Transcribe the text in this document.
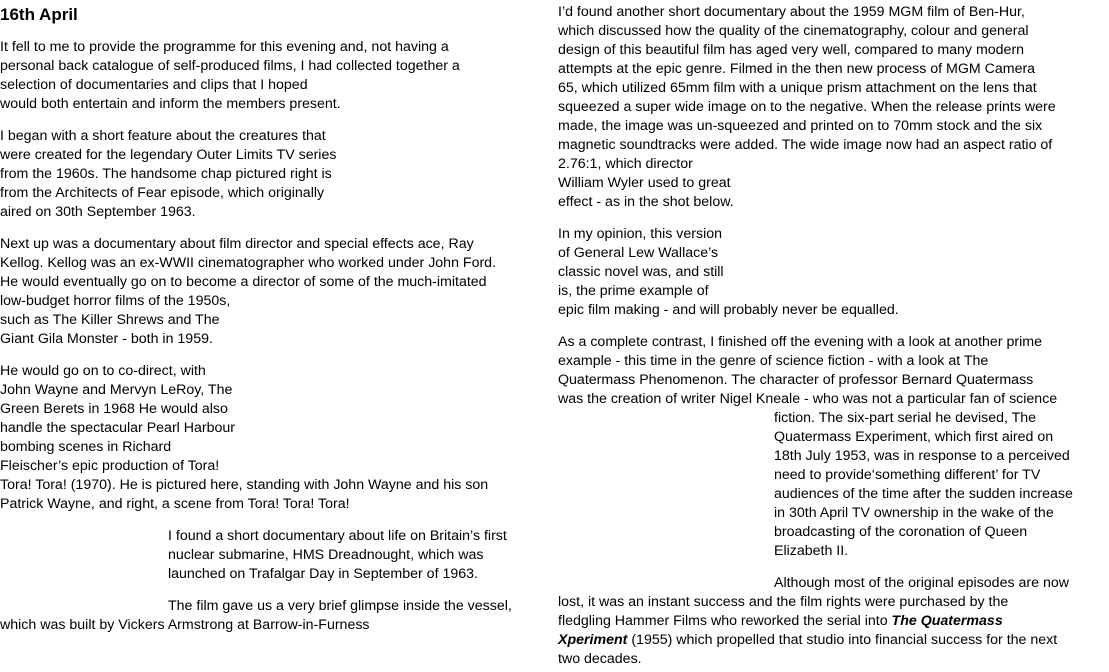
16th April
It fell to me to provide the programme for this evening and, not having a
personal back catalogue of self-produced films, I had collected together a
selection of documentaries and clips that I hoped
would both entertain and inform the members present.
I began with a short feature about the creatures that
were created for the legendary Outer Limits TV series
from the 1960s. The handsome chap pictured right is
from the Architects of Fear episode, which originally
aired on 30th September 1963.
Next up was a documentary about film director and special effects ace, Ray
Kellog. Kellog was an ex-WWII cinematographer who worked under John Ford.
He would eventually go on to become a director of some of the much-imitated
low-budget horror films of the 1950s,
such as The Killer Shrews and The
Giant Gila Monster - both in 1959.
He would go on to co-direct, with
John Wayne and Mervyn LeRoy, The
Green Berets in 1968 He would also
handle the spectacular Pearl Harbour
bombing scenes in Richard
Fleischer’s epic production of Tora!
Tora! Tora! (1970). He is pictured here, standing with John Wayne and his son
Patrick Wayne, and right, a scene from Tora! Tora! Tora!
I found a short documentary about life on Britain’s first
nuclear submarine, HMS Dreadnought, which was
launched on Trafalgar Day in September of 1963.
The film gave us a very brief glimpse inside the vessel,
which was built by Vickers Armstrong at Barrow-in-Furness
I’d found another short documentary about the 1959 MGM film of Ben-Hur,
which discussed how the quality of the cinematography, colour and general
design of this beautiful film has aged very well, compared to many modern
attempts at the epic genre. Filmed in the then new process of MGM Camera
65, which utilized 65mm film with a unique prism attachment on the lens that
squeezed a super wide image on to the negative. When the release prints were
made, the image was un-squeezed and printed on to 70mm stock and the six
magnetic soundtracks were added. The wide image now had an aspect ratio of
2.76:1, which director
William Wyler used to great
effect - as in the shot below.
In my opinion, this version
of General Lew Wallace’s
classic novel was, and still
is, the prime example of
epic film making - and will probably never be equalled.
As a complete contrast, I finished off the evening with a look at another prime
example - this time in the genre of science fiction - with a look at The
Quatermass Phenomenon. The character of professor Bernard Quatermass
was the creation of writer Nigel Kneale - who was not a particular fan of science
fiction. The six-part serial he devised, The
Quatermass Experiment, which first aired on
18th July 1953, was in response to a perceived
need to provide‘something different’ for TV
audiences of the time after the sudden increase
in 30th April TV ownership in the wake of the
broadcasting of the coronation of Queen
Elizabeth II.
Although most of the original episodes are now
lost, it was an instant success and the film rights were purchased by the
fledgling Hammer Films who reworked the serial into The Quatermass
Xperiment (1955) which propelled that studio into financial success for the next
two decades.
